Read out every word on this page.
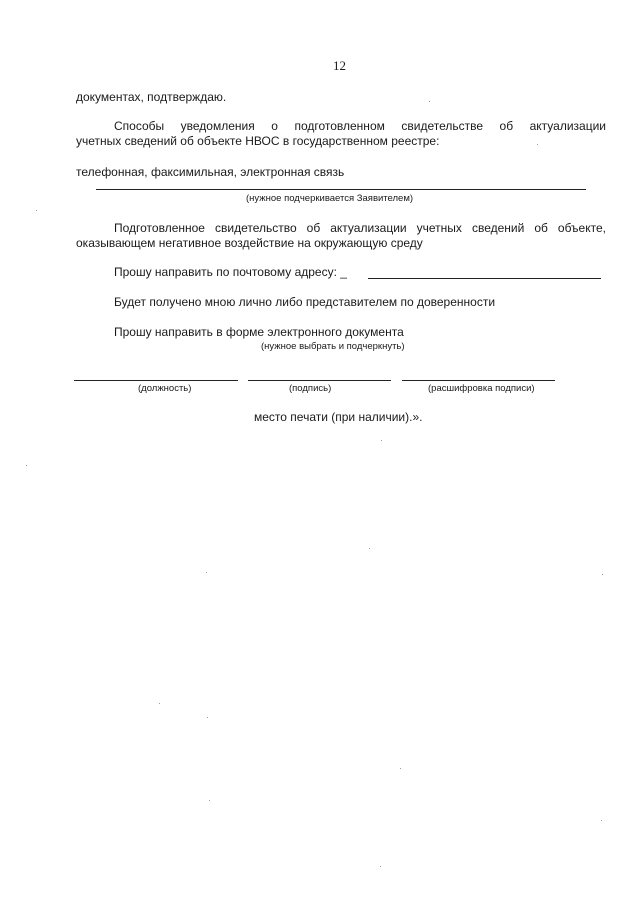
12
документах, подтверждаю.
Способы уведомления о подготовленном свидетельстве об актуализации
учетных сведений об объекте НВОС в государственном реестре:
телефонная, факсимильная, электронная связь
(нужное подчеркивается Заявителем)
Подготовленное свидетельство об актуализации учетных сведений об объекте,
оказывающем негативное воздействие на окружающую среду
Прошу направить по почтовому адресу: _
Будет получено мною лично либо представителем по доверенности
Прошу направить в форме электронного документа
(нужное выбрать и подчеркнуть)
(должность)	(подпись)	(расшифровка подписи)
место печати (при наличии).».
